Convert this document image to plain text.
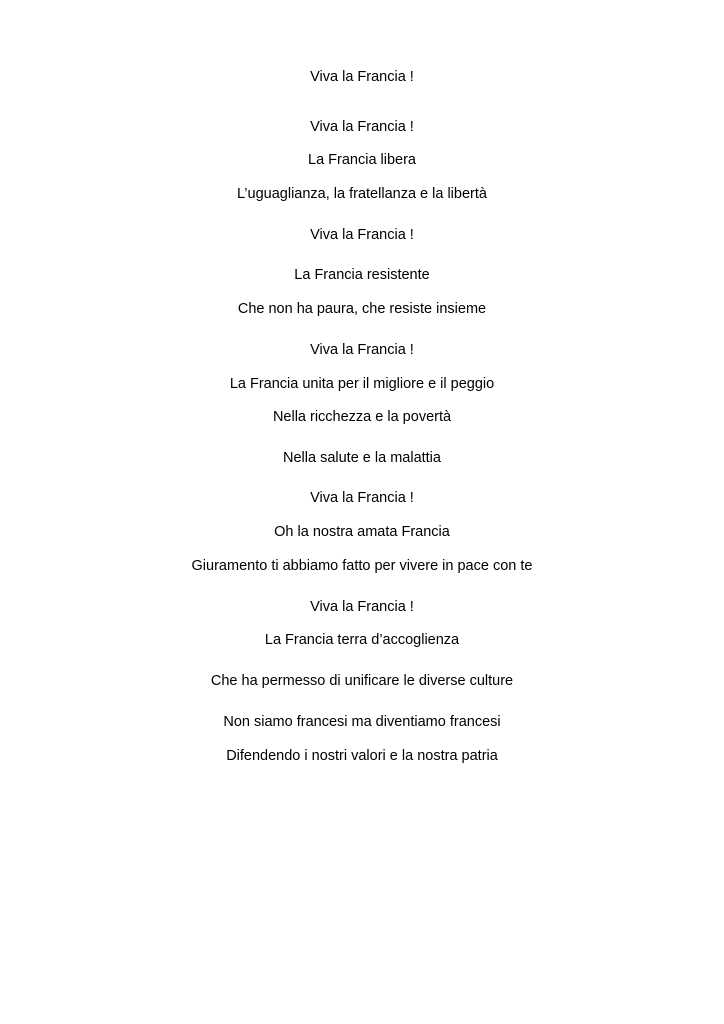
Viva la Francia !
Viva la Francia !
La Francia libera
L’uguaglianza, la fratellanza e la libertà
Viva la Francia !
La Francia resistente
Che non ha paura, che resiste insieme
Viva la Francia !
La Francia unita per il migliore e il peggio
Nella ricchezza e la povertà
Nella salute e la malattia
Viva la Francia !
Oh la nostra amata Francia
Giuramento ti abbiamo fatto per vivere in pace con te
Viva la Francia !
La Francia terra d’accoglienza
Che ha permesso di unificare le diverse culture
Non siamo francesi ma diventiamo francesi
Difendendo i nostri valori e la nostra patria
